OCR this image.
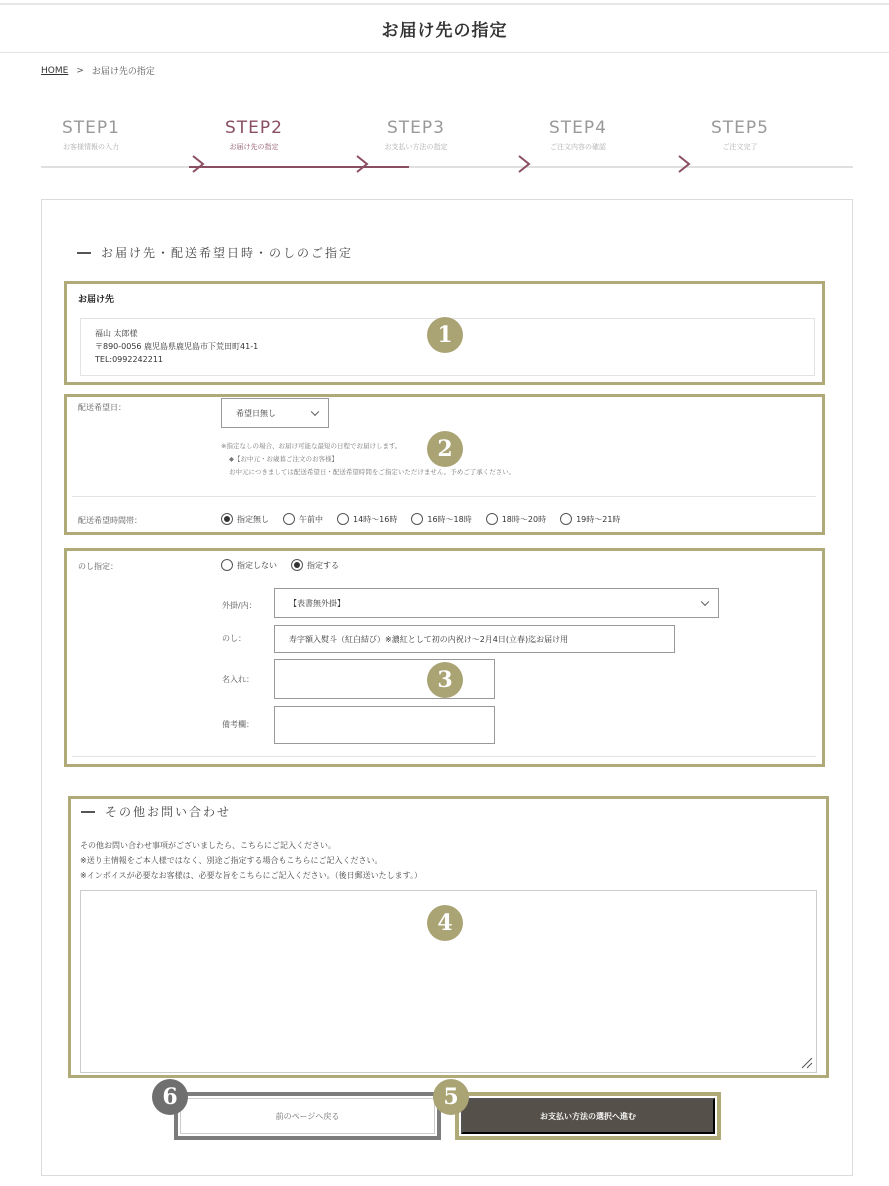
お届け先の指定
HOME > お届け先の指定
STEP1
お客様情報の入力
STEP2
お届け先の指定
STEP3
お支払い方法の指定
STEP4
ご注文内容の確認
STEP5
ご注文完了
お届け先・配送希望日時・のしのご指定
お届け先
福山 太郎様
〒890-0056 鹿児島県鹿児島市下荒田町41-1
TEL:0992242211
配送希望日：
希望日無し
※指定なしの場合、お届け可能な最短の日程でお届けします。
◆【お中元・お歳暮ご注文のお客様】
お中元につきましては配送希望日・配送希望時間をご指定いただけません。予めご了承ください。
配送希望時間帯：	指定無し	午前中	14時～16時	16時～18時	18時～20時	19時～21時
のし指定：	指定しない	指定する
外掛/内：	【表書無外掛】
のし：	寿字額入熨斗（紅白結び）※濃紅として初の内祝け～2月4日(立春)迄お届け用
名入れ：
備考欄：
その他お問い合わせ
その他お問い合わせ事項がございましたら、こちらにご記入ください。
※送り主情報をご本人様ではなく、別途ご指定する場合もこちらにご記入ください。
※インボイスが必要なお客様は、必要な旨をこちらにご記入ください。（後日郵送いたします。）
前のページへ戻る	お支払い方法の選択へ進む
1
2
3
4
5
6
